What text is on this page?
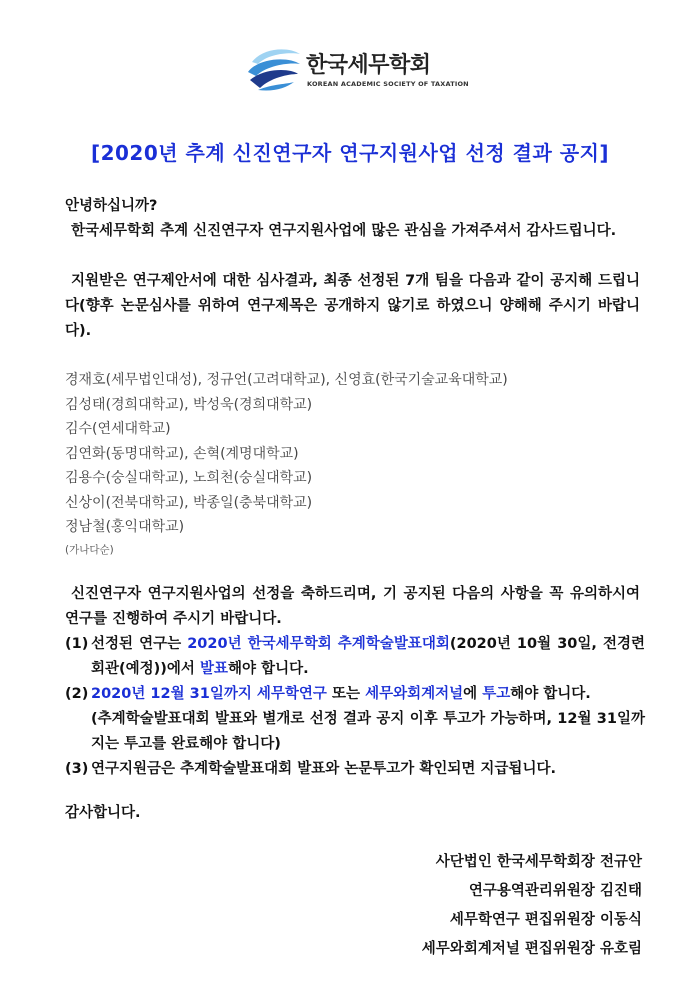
한국세무학회
KOREAN ACADEMIC SOCIETY OF TAXATION
[2020년 추계 신진연구자 연구지원사업 선정 결과 공지]
안녕하십니까?
한국세무학회 추계 신진연구자 연구지원사업에 많은 관심을 가져주셔서 감사드립니다.
지원받은 연구제안서에 대한 심사결과, 최종 선정된 7개 팀을 다음과 같이 공지해 드립니다(향후 논문심사를 위하여 연구제목은 공개하지 않기로 하였으니 양해해 주시기 바랍니다).
경재호(세무법인대성), 정규언(고려대학교), 신영효(한국기술교육대학교)
김성태(경희대학교), 박성욱(경희대학교)
김수(연세대학교)
김연화(동명대학교), 손혁(계명대학교)
김용수(숭실대학교), 노희천(숭실대학교)
신상이(전북대학교), 박종일(충북대학교)
정남철(홍익대학교)
(가나다순)
신진연구자 연구지원사업의 선정을 축하드리며, 기 공지된 다음의 사항을 꼭 유의하시여 연구를 진행하여 주시기 바랍니다.
(1) 선정된 연구는 2020년 한국세무학회 추계학술발표대회(2020년 10월 30일, 전경련회관(예정))에서 발표해야 합니다.
(2) 2020년 12월 31일까지 세무학연구 또는 세무와회계저널에 투고해야 합니다.
(추계학술발표대회 발표와 별개로 선정 결과 공지 이후 투고가 가능하며, 12월 31일까지는 투고를 완료해야 합니다)
(3) 연구지원금은 추계학술발표대회 발표와 논문투고가 확인되면 지급됩니다.
감사합니다.
사단법인 한국세무학회장 전규안
연구용역관리위원장 김진태
세무학연구 편집위원장 이동식
세무와회계저널 편집위원장 유호림
